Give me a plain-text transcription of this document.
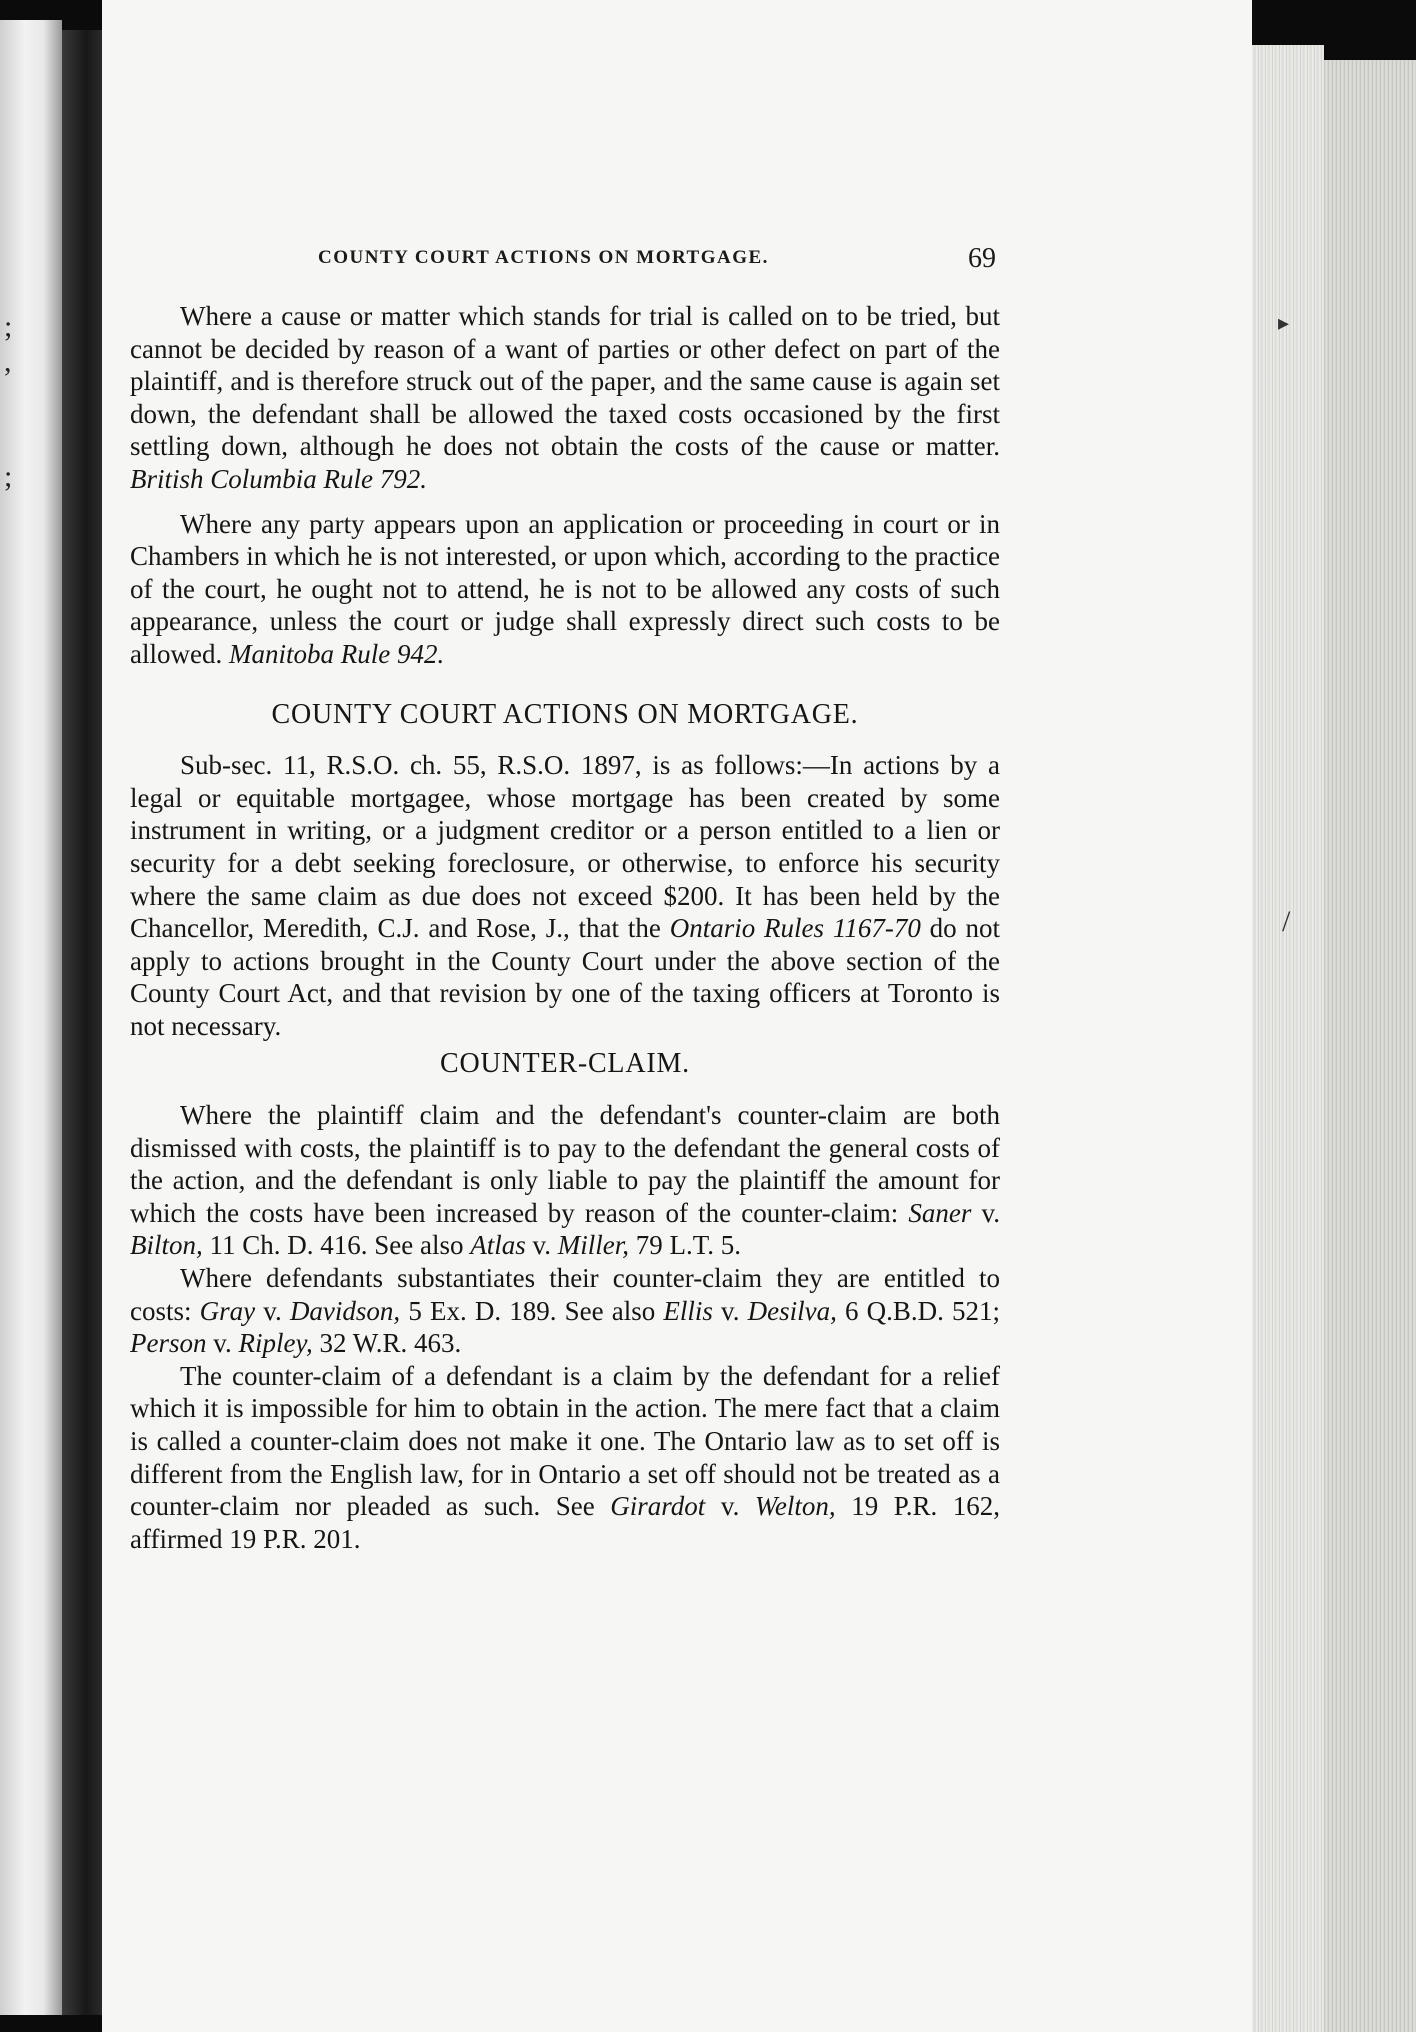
;
,
;
COUNTY COURT ACTIONS ON MORTGAGE.	69

Where a cause or matter which stands for trial is called on to be tried, but cannot be decided by reason of a want of parties or other defect on part of the plaintiff, and is therefore struck out of the paper, and the same cause is again set down, the defendant shall be allowed the taxed costs occasioned by the first settling down, although he does not obtain the costs of the cause or matter. British Columbia Rule 792.

Where any party appears upon an application or proceeding in court or in Chambers in which he is not interested, or upon which, according to the practice of the court, he ought not to attend, he is not to be allowed any costs of such appearance, unless the court or judge shall expressly direct such costs to be allowed. Manitoba Rule 942.

COUNTY COURT ACTIONS ON MORTGAGE.

Sub-sec. 11, R.S.O. ch. 55, R.S.O. 1897, is as follows:—In actions by a legal or equitable mortgagee, whose mortgage has been created by some instrument in writing, or a judgment creditor or a person entitled to a lien or security for a debt seeking foreclosure, or otherwise, to enforce his security where the same claim as due does not exceed $200. It has been held by the Chancellor, Meredith, C.J. and Rose, J., that the Ontario Rules 1167-70 do not apply to actions brought in the County Court under the above section of the County Court Act, and that revision by one of the taxing officers at Toronto is not necessary.

COUNTER-CLAIM.

Where the plaintiff claim and the defendant's counter-claim are both dismissed with costs, the plaintiff is to pay to the defendant the general costs of the action, and the defendant is only liable to pay the plaintiff the amount for which the costs have been increased by reason of the counter-claim: Saner v. Bilton, 11 Ch. D. 416. See also Atlas v. Miller, 79 L.T. 5.

Where defendants substantiates their counter-claim they are entitled to costs: Gray v. Davidson, 5 Ex. D. 189. See also Ellis v. Desilva, 6 Q.B.D. 521; Person v. Ripley, 32 W.R. 463.

The counter-claim of a defendant is a claim by the defendant for a relief which it is impossible for him to obtain in the action. The mere fact that a claim is called a counter-claim does not make it one. The Ontario law as to set off is different from the English law, for in Ontario a set off should not be treated as a counter-claim nor pleaded as such. See Girardot v. Welton, 19 P.R. 162, affirmed 19 P.R. 201.

▸
/
